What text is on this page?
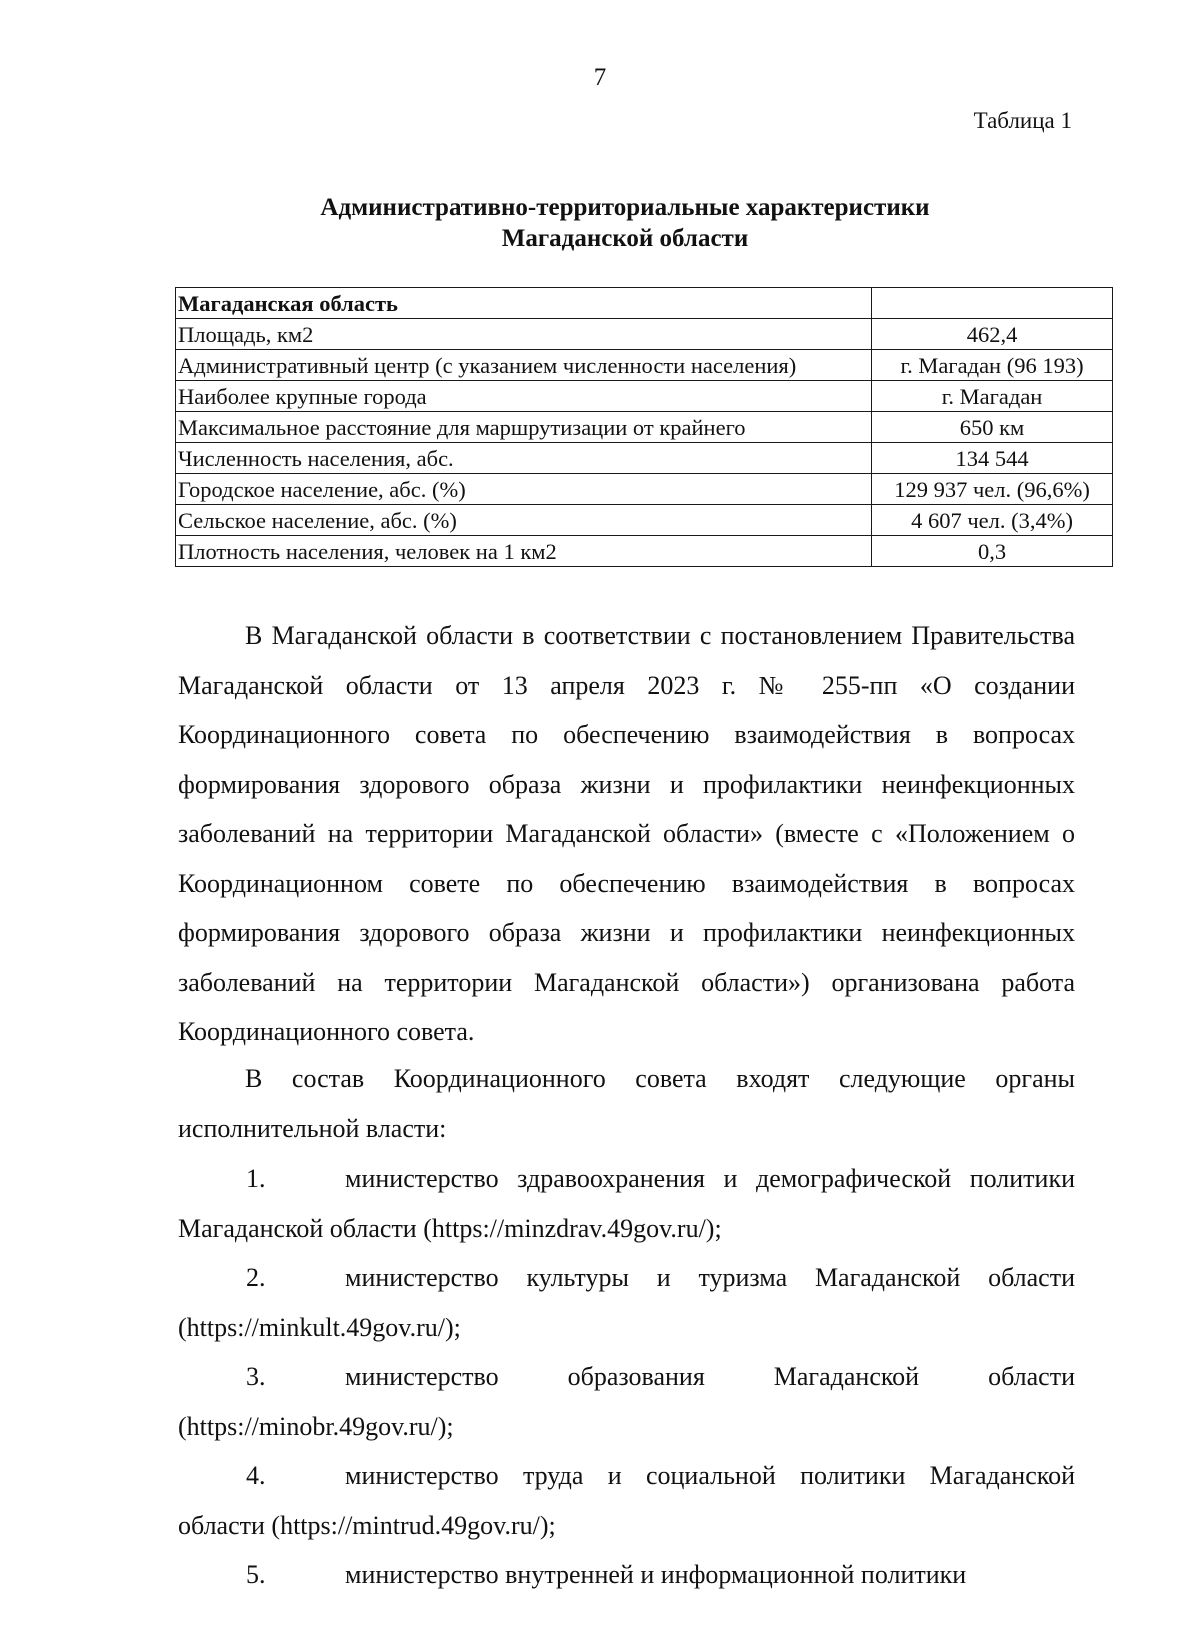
7
Таблица 1
Административно-территориальные характеристики
Магаданской области
Магаданская область	
Площадь, км2	462,4
Административный центр (с указанием численности населения)	г. Магадан (96 193)
Наиболее крупные города	г. Магадан
Максимальное расстояние для маршрутизации от крайнего	650 км
Численность населения, абс.	134 544
Городское население, абс. (%)	129 937 чел. (96,6%)
Сельское население, абс. (%)	4 607 чел. (3,4%)
Плотность населения, человек на 1 км2	0,3
В Магаданской области в соответствии с постановлением Правительства Магаданской области от 13 апреля 2023 г. № 255-пп «О создании Координационного совета по обеспечению взаимодействия в вопросах формирования здорового образа жизни и профилактики неинфекционных заболеваний на территории Магаданской области» (вместе с «Положением о Координационном совете по обеспечению взаимодействия в вопросах формирования здорового образа жизни и профилактики неинфекционных заболеваний на территории Магаданской области») организована работа Координационного совета.
В состав Координационного совета входят следующие органы исполнительной власти:
1.	министерство здравоохранения и демографической политики Магаданской области (https://minzdrav.49gov.ru/);
2.	министерство культуры и туризма Магаданской области (https://minkult.49gov.ru/);
3.	министерство образования Магаданской области (https://minobr.49gov.ru/);
4.	министерство труда и социальной политики Магаданской области (https://mintrud.49gov.ru/);
5.	министерство внутренней и информационной политики
